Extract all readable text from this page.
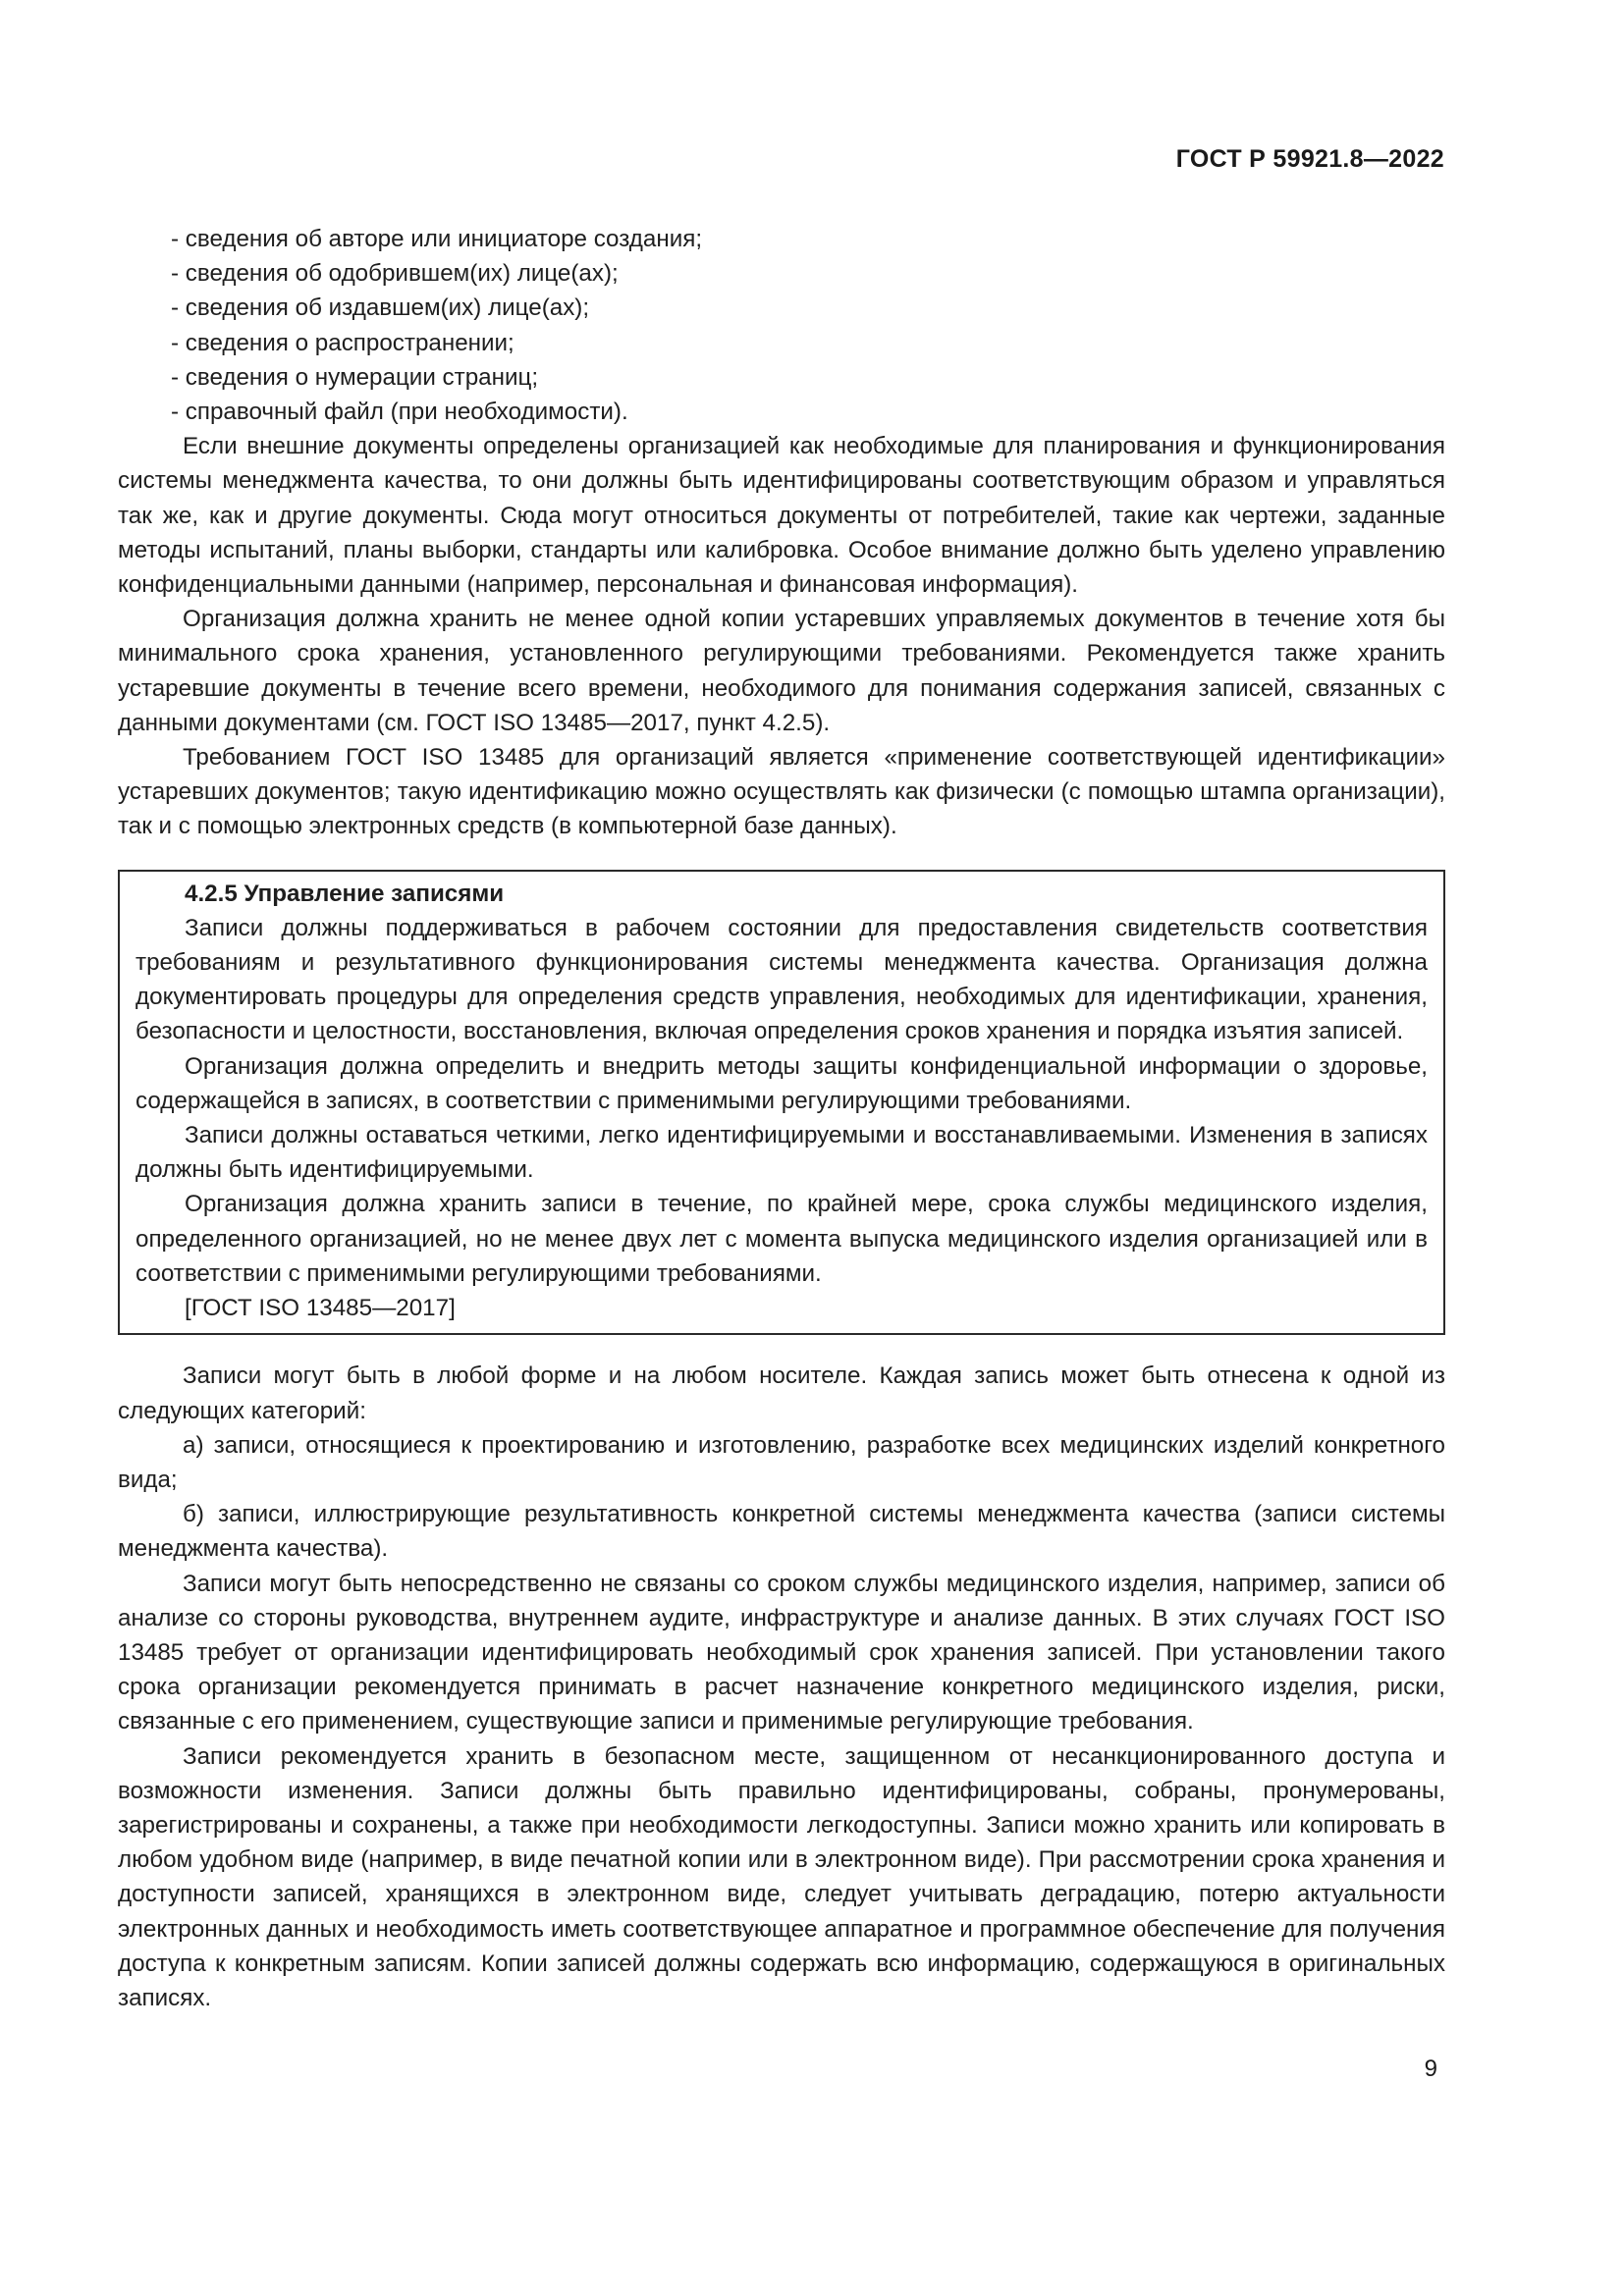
ГОСТ Р 59921.8—2022
- сведения об авторе или инициаторе создания;
- сведения об одобрившем(их) лице(ах);
- сведения об издавшем(их) лице(ах);
- сведения о распространении;
- сведения о нумерации страниц;
- справочный файл (при необходимости).

Если внешние документы определены организацией как необходимые для планирования и функционирования системы менеджмента качества, то они должны быть идентифицированы соответствующим образом и управляться так же, как и другие документы. Сюда могут относиться документы от потребителей, такие как чертежи, заданные методы испытаний, планы выборки, стандарты или калибровка. Особое внимание должно быть уделено управлению конфиденциальными данными (например, персональная и финансовая информация).

Организация должна хранить не менее одной копии устаревших управляемых документов в течение хотя бы минимального срока хранения, установленного регулирующими требованиями. Рекомендуется также хранить устаревшие документы в течение всего времени, необходимого для понимания содержания записей, связанных с данными документами (см. ГОСТ ISO 13485—2017, пункт 4.2.5).

Требованием ГОСТ ISO 13485 для организаций является «применение соответствующей идентификации» устаревших документов; такую идентификацию можно осуществлять как физически (с помощью штампа организации), так и с помощью электронных средств (в компьютерной базе данных).

4.2.5 Управление записями

Записи должны поддерживаться в рабочем состоянии для предоставления свидетельств соответствия требованиям и результативного функционирования системы менеджмента качества. Организация должна документировать процедуры для определения средств управления, необходимых для идентификации, хранения, безопасности и целостности, восстановления, включая определения сроков хранения и порядка изъятия записей.

Организация должна определить и внедрить методы защиты конфиденциальной информации о здоровье, содержащейся в записях, в соответствии с применимыми регулирующими требованиями.

Записи должны оставаться четкими, легко идентифицируемыми и восстанавливаемыми. Изменения в записях должны быть идентифицируемыми.

Организация должна хранить записи в течение, по крайней мере, срока службы медицинского изделия, определенного организацией, но не менее двух лет с момента выпуска медицинского изделия организацией или в соответствии с применимыми регулирующими требованиями.

[ГОСТ ISO 13485—2017]

Записи могут быть в любой форме и на любом носителе. Каждая запись может быть отнесена к одной из следующих категорий:

а) записи, относящиеся к проектированию и изготовлению, разработке всех медицинских изделий конкретного вида;

б) записи, иллюстрирующие результативность конкретной системы менеджмента качества (записи системы менеджмента качества).

Записи могут быть непосредственно не связаны со сроком службы медицинского изделия, например, записи об анализе со стороны руководства, внутреннем аудите, инфраструктуре и анализе данных. В этих случаях ГОСТ ISO 13485 требует от организации идентифицировать необходимый срок хранения записей. При установлении такого срока организации рекомендуется принимать в расчет назначение конкретного медицинского изделия, риски, связанные с его применением, существующие записи и применимые регулирующие требования.

Записи рекомендуется хранить в безопасном месте, защищенном от несанкционированного доступа и возможности изменения. Записи должны быть правильно идентифицированы, собраны, пронумерованы, зарегистрированы и сохранены, а также при необходимости легкодоступны. Записи можно хранить или копировать в любом удобном виде (например, в виде печатной копии или в электронном виде). При рассмотрении срока хранения и доступности записей, хранящихся в электронном виде, следует учитывать деградацию, потерю актуальности электронных данных и необходимость иметь соответствующее аппаратное и программное обеспечение для получения доступа к конкретным записям. Копии записей должны содержать всю информацию, содержащуюся в оригинальных записях.

9
